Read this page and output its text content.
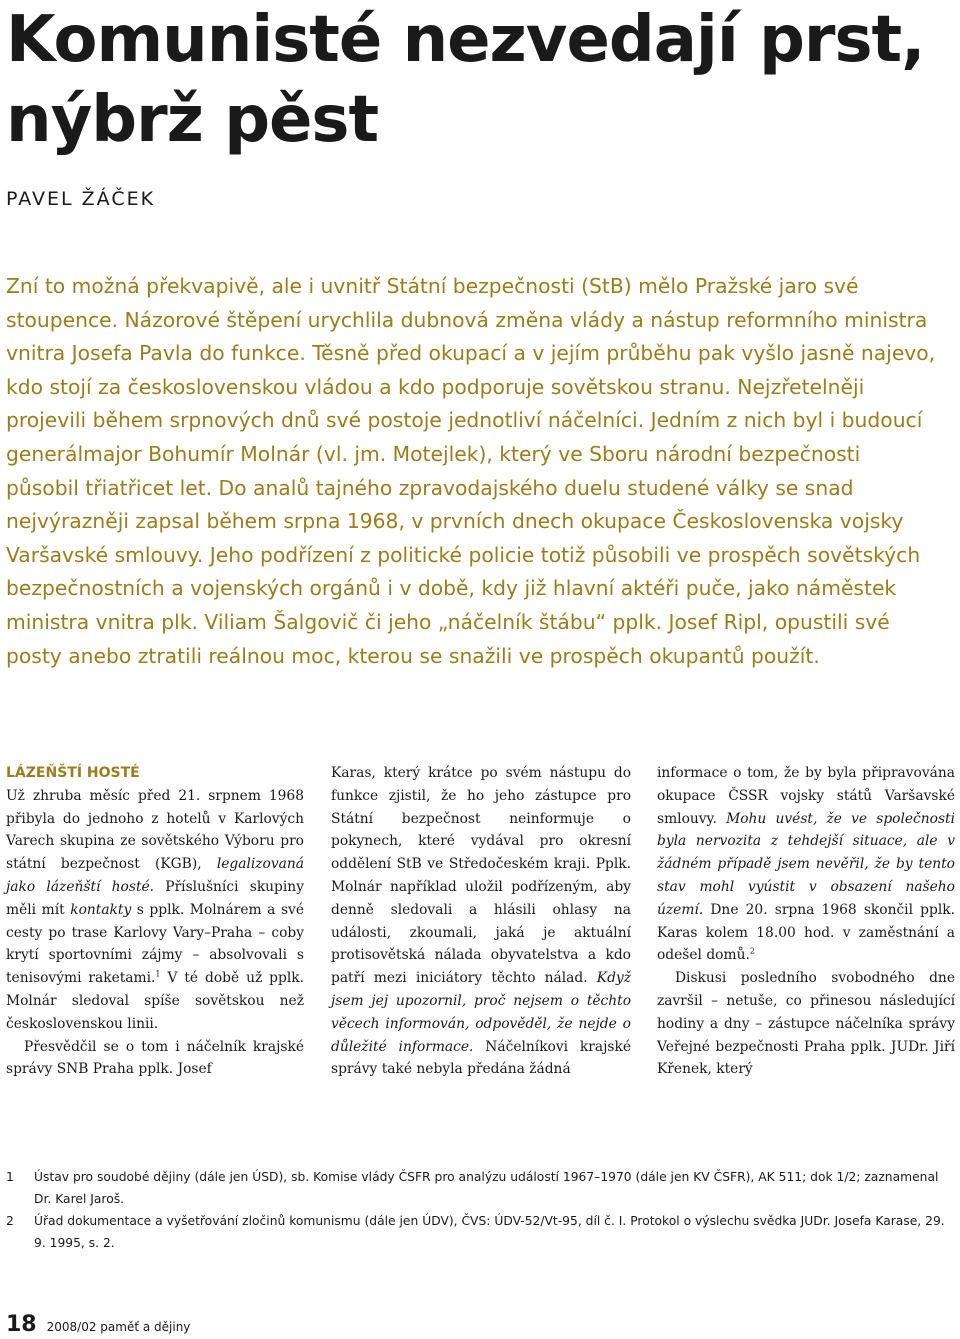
Komunisté nezvedají prst,
nýbrž pěst
PAVEL ŽÁČEK

Zní to možná překvapivě, ale i uvnitř Státní bezpečnosti (StB) mělo Pražské jaro své stoupence. Názorové štěpení urychlila dubnová změna vlády a nástup reformního ministra vnitra Josefa Pavla do funkce. Těsně před okupací a v jejím průběhu pak vyšlo jasně najevo, kdo stojí za československou vládou a kdo podporuje sovětskou stranu. Nejzřetelněji projevili během srpnových dnů své postoje jednotliví náčelníci. Jedním z nich byl i budoucí generálmajor Bohumír Molnár (vl. jm. Motejlek), který ve Sboru národní bezpečnosti působil třiatřicet let. Do analů tajného zpravodajského duelu studené války se snad nejvýrazněji zapsal během srpna 1968, v prvních dnech okupace Československa vojsky Varšavské smlouvy. Jeho podřízení z politické policie totiž působili ve prospěch sovětských bezpečnostních a vojenských orgánů i v době, kdy již hlavní aktéři puče, jako náměstek ministra vnitra plk. Viliam Šalgovič či jeho „náčelník štábu“ pplk. Josef Ripl, opustili své posty anebo ztratili reálnou moc, kterou se snažili ve prospěch okupantů použít.

LÁZEŇŠTÍ HOSTÉ

Už zhruba měsíc před 21. srpnem 1968 přibyla do jednoho z hotelů v Karlových Varech skupina ze sovětského Výboru pro státní bezpečnost (KGB), legalizovaná jako lázeňští hosté. Příslušníci skupiny měli mít kontakty s pplk. Molnárem a své cesty po trase Karlovy Vary–Praha – coby krytí sportovními zájmy – absolvovali s tenisovými raketami.$^1$ V té době už pplk. Molnár sledoval spíše sovětskou než československou linii.

Přesvědčil se o tom i náčelník krajské správy SNB Praha pplk. Josef

Karas, který krátce po svém nástupu do funkce zjistil, že ho jeho zástupce pro Státní bezpečnost neinformuje o pokynech, které vydával pro okresní oddělení StB ve Středočeském kraji. Pplk. Molnár například uložil podřízeným, aby denně sledovali a hlásili ohlasy na události, zkoumali, jaká je aktuální protisovětská nálada obyvatelstva a kdo patří mezi iniciátory těchto nálad. Když jsem jej upozornil, proč nejsem o těchto věcech informován, odpověděl, že nejde o důležité informace. Náčelníkovi krajské správy také nebyla předána žádná

informace o tom, že by byla připravována okupace ČSSR vojsky států Varšavské smlouvy. Mohu uvést, že ve společnosti byla nervozita z tehdejší situace, ale v žádném případě jsem nevěřil, že by tento stav mohl vyústit v obsazení našeho území. Dne 20. srpna 1968 skončil pplk. Karas kolem 18.00 hod. v zaměstnání a odešel domů.$^2$

Diskusi posledního svobodného dne završil – netuše, co přinesou následující hodiny a dny – zástupce náčelníka správy Veřejné bezpečnosti Praha pplk. JUDr. Jiří Křenek, který

1	Ústav pro soudobé dějiny (dále jen ÚSD), sb. Komise vlády ČSFR pro analýzu událostí 1967–1970 (dále jen KV ČSFR), AK 511; dok 1/2; zaznamenal Dr. Karel Jaroš.
2	Úřad dokumentace a vyšetřování zločinů komunismu (dále jen ÚDV), ČVS: ÚDV-52/Vt-95, díl č. I. Protokol o výslechu svědka JUDr. Josefa Karase, 29. 9. 1995, s. 2.
18 2008/02 paměť a dějiny
